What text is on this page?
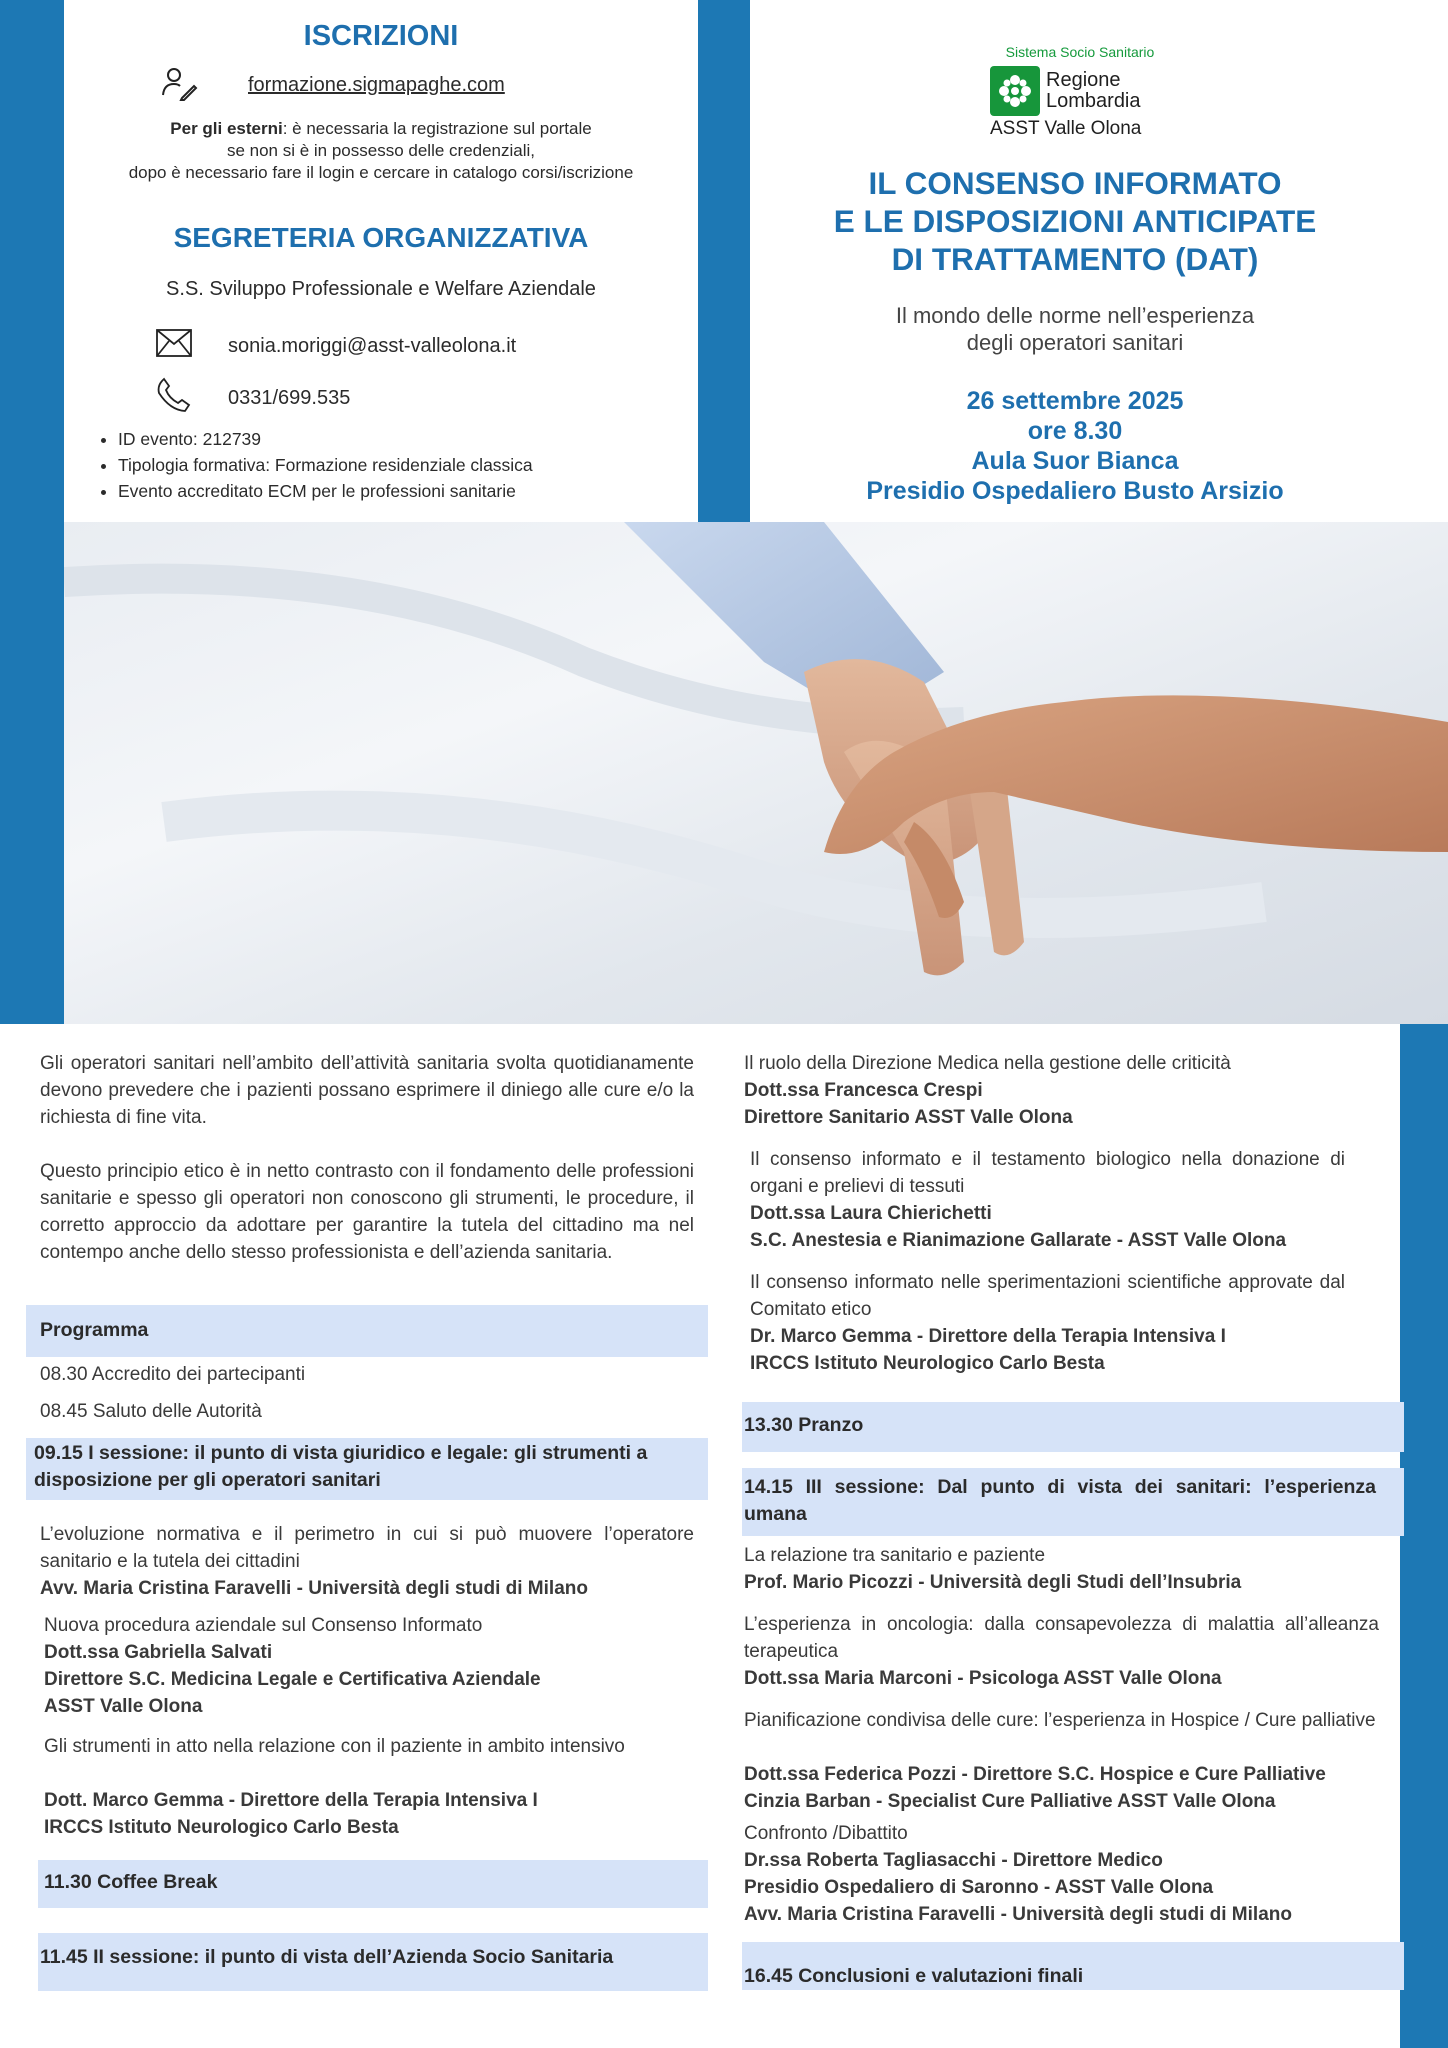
ISCRIZIONI
formazione.sigmapaghe.com
Per gli esterni: è necessaria la registrazione sul portale
se non si è in possesso delle credenziali,
dopo è necessario fare il login e cercare in catalogo corsi/iscrizione
SEGRETERIA ORGANIZZATIVA
S.S. Sviluppo Professionale e Welfare Aziendale
sonia.moriggi@asst-valleolona.it
0331/699.535
• ID evento: 212739
• Tipologia formativa: Formazione residenziale classica
• Evento accreditato ECM per le professioni sanitarie
Sistema Socio Sanitario
Regione
Lombardia
ASST Valle Olona
IL CONSENSO INFORMATO
E LE DISPOSIZIONI ANTICIPATE
DI TRATTAMENTO (DAT)
Il mondo delle norme nell’esperienza
degli operatori sanitari
26 settembre 2025
ore 8.30
Aula Suor Bianca
Presidio Ospedaliero Busto Arsizio
Gli operatori sanitari nell’ambito dell’attività sanitaria svolta quotidianamente devono prevedere che i pazienti possano esprimere il diniego alle cure e/o la richiesta di fine vita.
Questo principio etico è in netto contrasto con il fondamento delle professioni sanitarie e spesso gli operatori non conoscono gli strumenti, le procedure, il corretto approccio da adottare per garantire la tutela del cittadino ma nel contempo anche dello stesso professionista e dell’azienda sanitaria.
Programma
08.30 Accredito dei partecipanti
08.45 Saluto delle Autorità
09.15 I sessione: il punto di vista giuridico e legale: gli strumenti a disposizione per gli operatori sanitari
L’evoluzione normativa e il perimetro in cui si può muovere l’operatore sanitario e la tutela dei cittadini
Avv. Maria Cristina Faravelli - Università degli studi di Milano
Nuova procedura aziendale sul Consenso Informato
Dott.ssa Gabriella Salvati
Direttore S.C. Medicina Legale e Certificativa Aziendale
ASST Valle Olona
Gli strumenti in atto nella relazione con il paziente in ambito intensivo
Dott. Marco Gemma - Direttore della Terapia Intensiva I
IRCCS Istituto Neurologico Carlo Besta
11.30 Coffee Break
11.45 II sessione: il punto di vista dell’Azienda Socio Sanitaria
Il ruolo della Direzione Medica nella gestione delle criticità
Dott.ssa Francesca Crespi
Direttore Sanitario ASST Valle Olona
Il consenso informato e il testamento biologico nella donazione di organi e prelievi di tessuti
Dott.ssa Laura Chierichetti
S.C. Anestesia e Rianimazione Gallarate - ASST Valle Olona
Il consenso informato nelle sperimentazioni scientifiche approvate dal Comitato etico
Dr. Marco Gemma - Direttore della Terapia Intensiva I
IRCCS Istituto Neurologico Carlo Besta
13.30 Pranzo
14.15 III sessione: Dal punto di vista dei sanitari: l’esperienza umana
La relazione tra sanitario e paziente
Prof. Mario Picozzi - Università degli Studi dell’Insubria
L’esperienza in oncologia: dalla consapevolezza di malattia all’alleanza terapeutica
Dott.ssa Maria Marconi - Psicologa ASST Valle Olona
Pianificazione condivisa delle cure: l’esperienza in Hospice / Cure palliative
Dott.ssa Federica Pozzi - Direttore S.C. Hospice e Cure Palliative
Cinzia Barban - Specialist Cure Palliative ASST Valle Olona
Confronto /Dibattito
Dr.ssa Roberta Tagliasacchi - Direttore Medico
Presidio Ospedaliero di Saronno - ASST Valle Olona
Avv. Maria Cristina Faravelli - Università degli studi di Milano
16.45 Conclusioni e valutazioni finali
